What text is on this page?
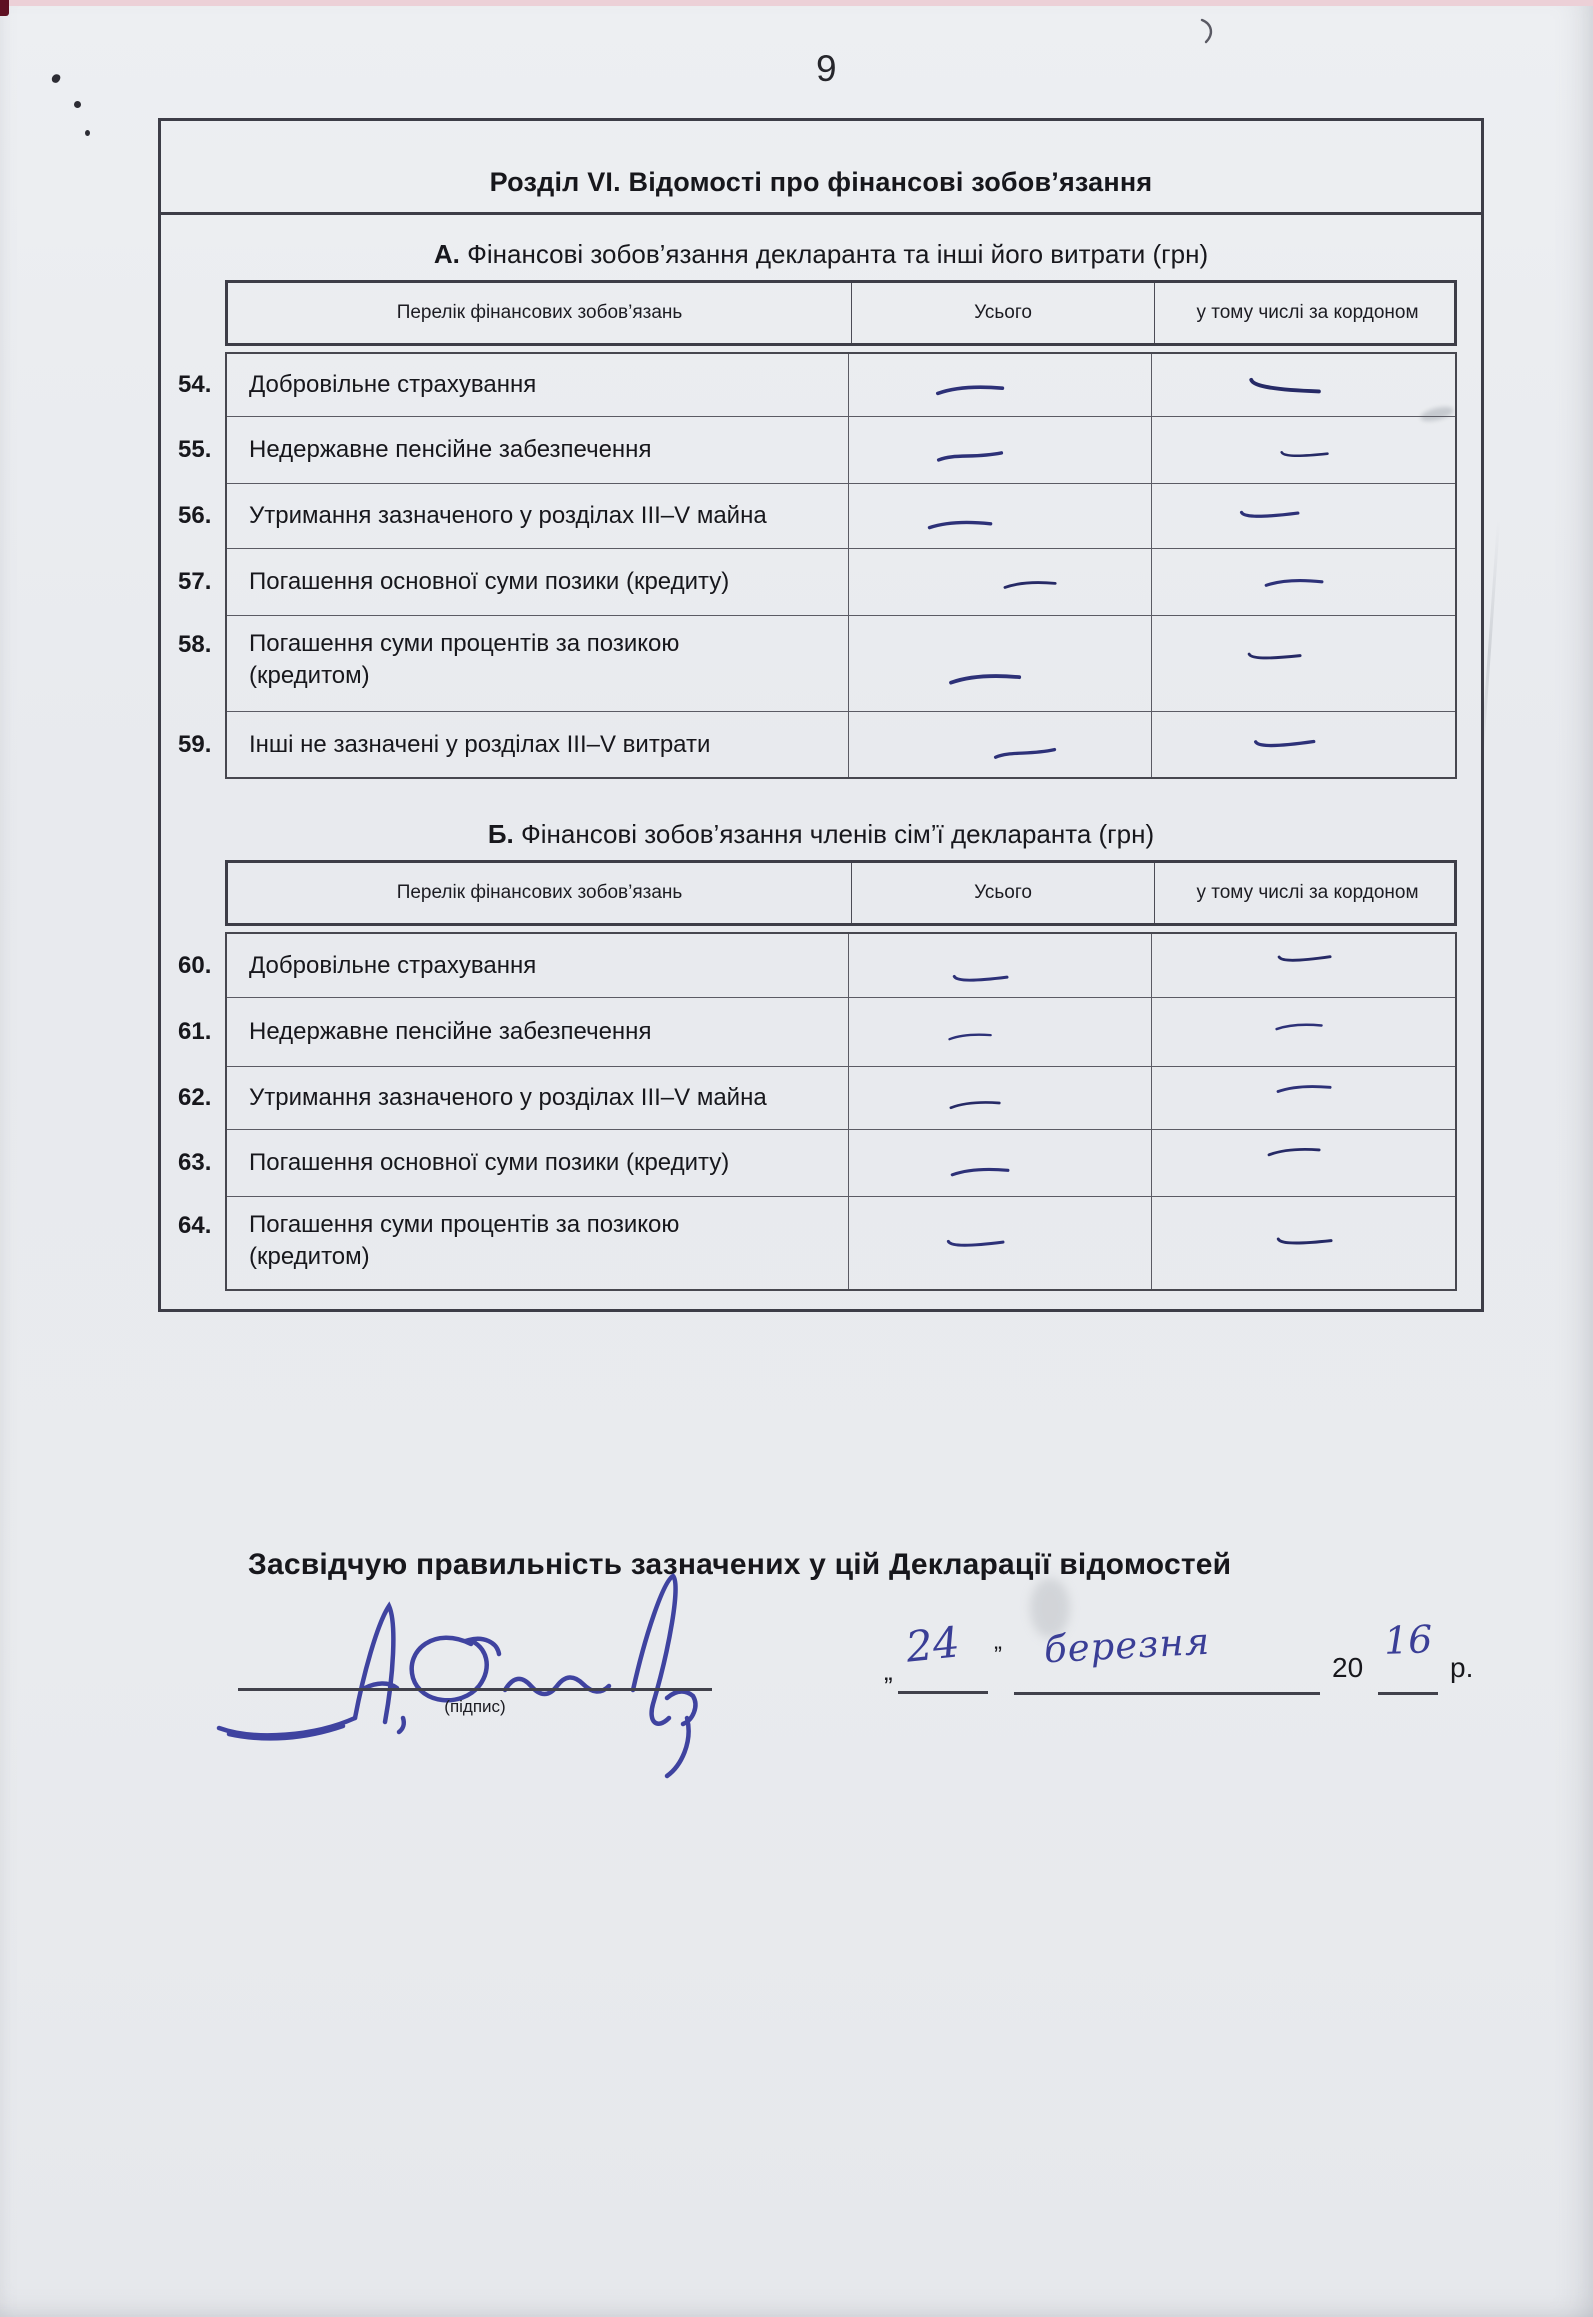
9
Розділ VI. Відомості про фінансові зобов’язання
А. Фінансові зобов’язання декларанта та інші його витрати (грн)
Перелік фінансових зобов’язань	Усього	у тому числі за кордоном
54. Добровільне страхування
55. Недержавне пенсійне забезпечення
56. Утримання зазначеного у розділах III–V майна
57. Погашення основної суми позики (кредиту)
58. Погашення суми процентів за позикою (кредитом)
59. Інші не зазначені у розділах III–V витрати
Б. Фінансові зобов’язання членів сім’ї декларанта (грн)
Перелік фінансових зобов’язань	Усього	у тому числі за кордоном
60. Добровільне страхування
61. Недержавне пенсійне забезпечення
62. Утримання зазначеного у розділах III–V майна
63. Погашення основної суми позики (кредиту)
64. Погашення суми процентів за позикою (кредитом)
Засвідчую правильність зазначених у цій Декларації відомостей
(підпис)
„ 24 ” березня	20
16
р.
